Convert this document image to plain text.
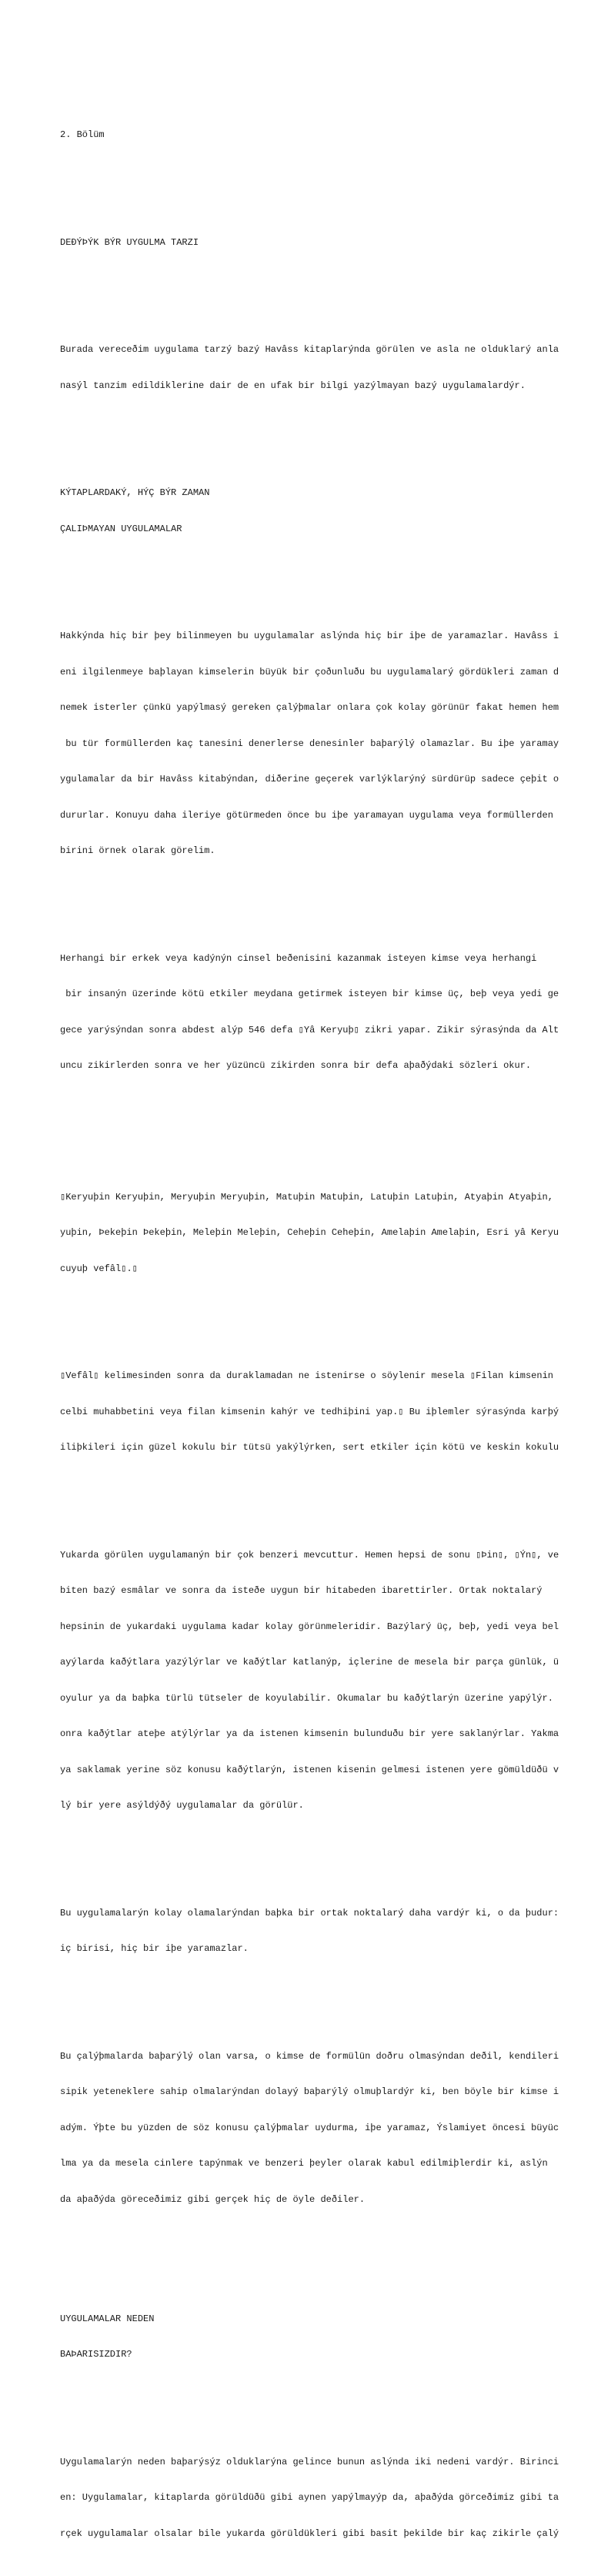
2. Bölüm

DEÐÝÞÝK BÝR UYGULMA TARZI

Burada vereceðim uygulama tarzý bazý Havâss kitaplarýnda görülen ve asla ne olduklarý anla

nasýl tanzim edildiklerine dair de en ufak bir bilgi yazýlmayan bazý uygulamalardýr.

KÝTAPLARDAKÝ, HÝÇ BÝR ZAMAN

ÇALIÞMAYAN UYGULAMALAR

Hakkýnda hiç bir þey bilinmeyen bu uygulamalar aslýnda hiç bir iþe de yaramazlar. Havâss i

eni ilgilenmeye baþlayan kimselerin büyük bir çoðunluðu bu uygulamalarý gördükleri zaman d

nemek isterler çünkü yapýlmasý gereken çalýþmalar onlara çok kolay görünür fakat hemen hem

bu tür formüllerden kaç tanesini denerlerse denesinler baþarýlý olamazlar. Bu iþe yaramay

ygulamalar da bir Havâss kitabýndan, diðerine geçerek varlýklarýný sürdürüp sadece çeþit o

dururlar. Konuyu daha ileriye götürmeden önce bu iþe yaramayan uygulama veya formüllerden

birini örnek olarak görelim.

Herhangi bir erkek veya kadýnýn cinsel beðenisini kazanmak isteyen kimse veya herhangi

bir insanýn üzerinde kötü etkiler meydana getirmek isteyen bir kimse üç, beþ veya yedi ge

gece yarýsýndan sonra abdest alýp 546 defa ▯Yâ Keryuþ▯ zikri yapar. Zikir sýrasýnda da Alt

uncu zikirlerden sonra ve her yüzüncü zikirden sonra bir defa aþaðýdaki sözleri okur.

▯Keryuþin Keryuþin, Meryuþin Meryuþin, Matuþin Matuþin, Latuþin Latuþin, Atyaþin Atyaþin,

yuþin, Þekeþin Þekeþin, Meleþin Meleþin, Ceheþin Ceheþin, Amelaþin Amelaþin, Esri yâ Keryu

cuyuþ vefâl▯.▯

▯Vefâl▯ kelimesinden sonra da duraklamadan ne istenirse o söylenir mesela ▯Filan kimsenin

celbi muhabbetini veya filan kimsenin kahýr ve tedhiþini yap.▯ Bu iþlemler sýrasýnda karþý

iliþkileri için güzel kokulu bir tütsü yakýlýrken, sert etkiler için kötü ve keskin kokulu

Yukarda görülen uygulamanýn bir çok benzeri mevcuttur. Hemen hepsi de sonu ▯Þin▯, ▯Ýn▯, ve

biten bazý esmâlar ve sonra da isteðe uygun bir hitabeden ibarettirler. Ortak noktalarý

hepsinin de yukardaki uygulama kadar kolay görünmeleridir. Bazýlarý üç, beþ, yedi veya bel

ayýlarda kaðýtlara yazýlýrlar ve kaðýtlar katlanýp, içlerine de mesela bir parça günlük, ü

oyulur ya da baþka türlü tütseler de koyulabilir. Okumalar bu kaðýtlarýn üzerine yapýlýr.

onra kaðýtlar ateþe atýlýrlar ya da istenen kimsenin bulunduðu bir yere saklanýrlar. Yakma

ya saklamak yerine söz konusu kaðýtlarýn, istenen kisenin gelmesi istenen yere gömüldüðü v

lý bir yere asýldýðý uygulamalar da görülür.

Bu uygulamalarýn kolay olamalarýndan baþka bir ortak noktalarý daha vardýr ki, o da þudur:

iç birisi, hiç bir iþe yaramazlar.

Bu çalýþmalarda baþarýlý olan varsa, o kimse de formülün doðru olmasýndan deðil, kendileri

sipik yeteneklere sahip olmalarýndan dolayý baþarýlý olmuþlardýr ki, ben böyle bir kimse i

adým. Ýþte bu yüzden de söz konusu çalýþmalar uydurma, iþe yaramaz, Ýslamiyet öncesi büyüc

lma ya da mesela cinlere tapýnmak ve benzeri þeyler olarak kabul edilmiþlerdir ki, aslýn

da aþaðýda göreceðimiz gibi gerçek hiç de öyle deðiler.

UYGULAMALAR NEDEN

BAÞARISIZDIR?

Uygulamalarýn neden baþarýsýz olduklarýna gelince bunun aslýnda iki nedeni vardýr. Birinci

en: Uygulamalar, kitaplarda görüldüðü gibi aynen yapýlmayýp da, aþaðýda görceðimiz gibi ta

rçek uygulamalar olsalar bile yukarda görüldükleri gibi basit þekilde bir kaç zikirle çalý
